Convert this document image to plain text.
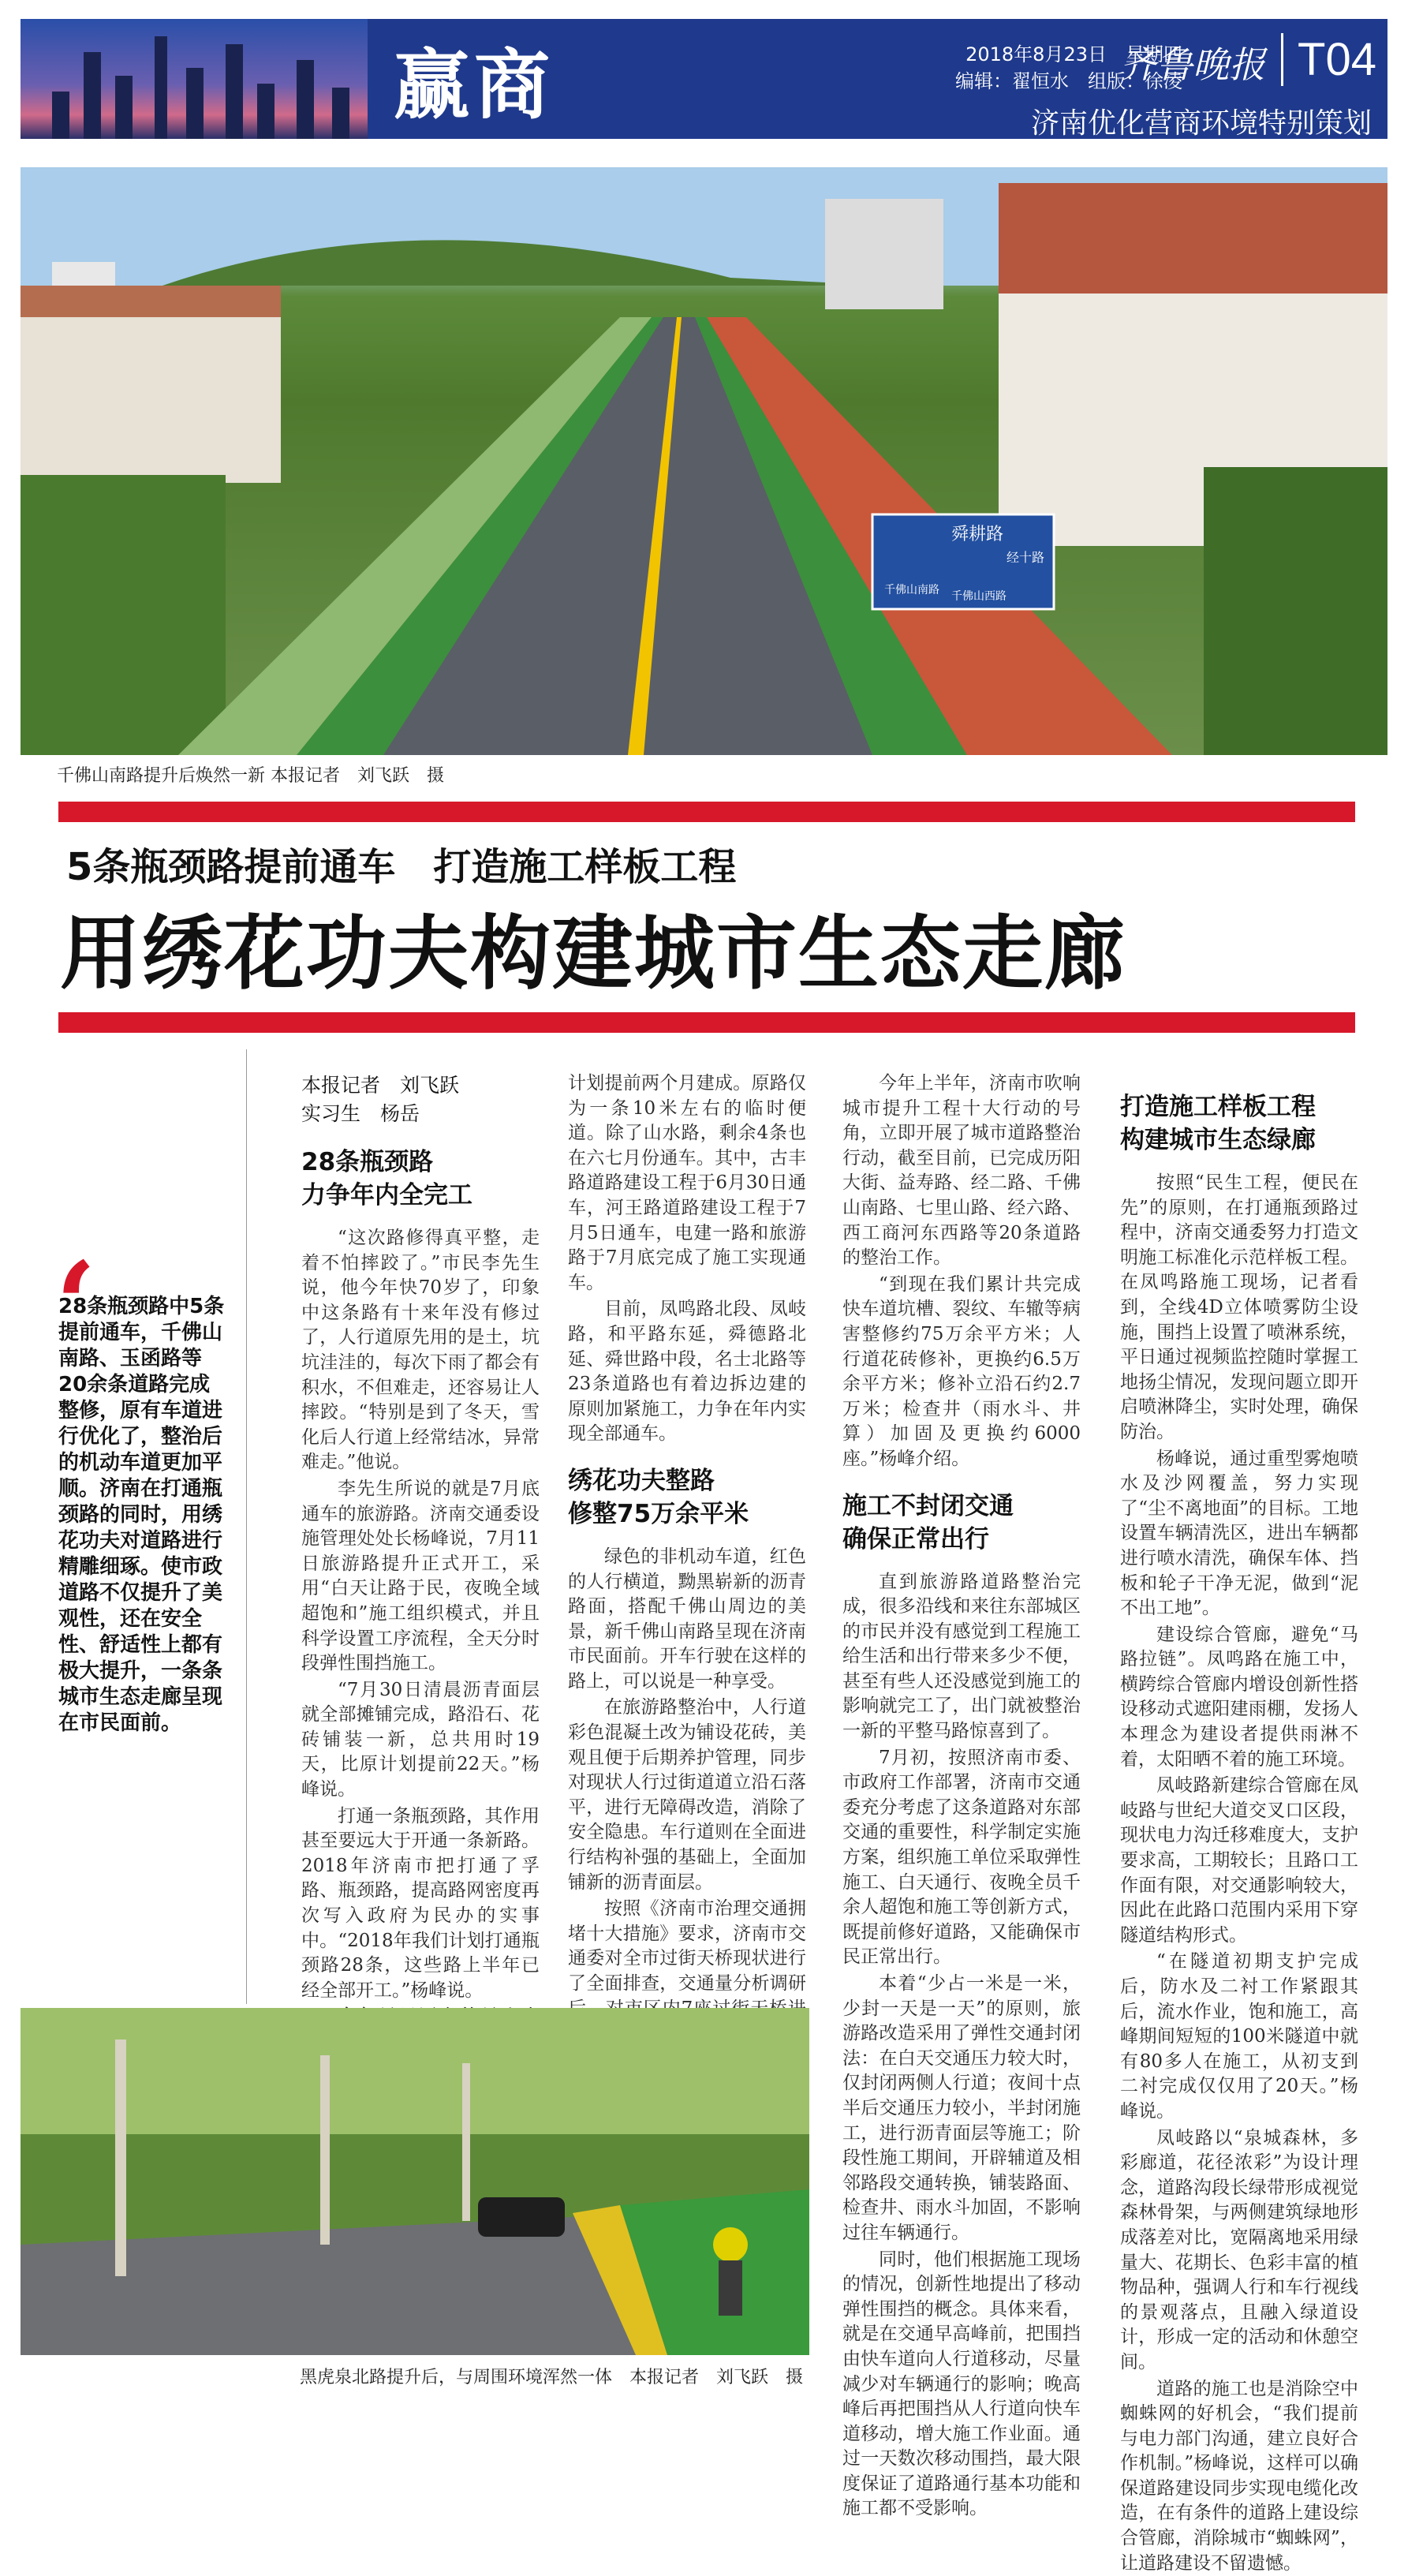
赢商	2018年8月23日　星期四
编辑：翟恒水　组版：徐凌
齐鲁晚报 T04
济南优化营商环境特别策划
舜耕路
千佛山南路
经十路
千佛山西路
千佛山南路提升后焕然一新 本报记者　刘飞跃　摄
5条瓶颈路提前通车　打造施工样板工程
用绣花功夫构建城市生态走廊
‘
28条瓶颈路中5条提前通车，千佛山南路、玉函路等20余条道路完成整修，原有车道进行优化了，整治后的机动车道更加平顺。济南在打通瓶颈路的同时，用绣花功夫对道路进行精雕细琢。使市政道路不仅提升了美观性，还在安全性、舒适性上都有极大提升，一条条城市生态走廊呈现在市民面前。
本报记者　刘飞跃
实习生　杨岳
28条瓶颈路
力争年内全完工

“这次路修得真平整，走着不怕摔跤了。”市民李先生说，他今年快70岁了，印象中这条路有十来年没有修过了，人行道原先用的是土，坑坑洼洼的，每次下雨了都会有积水，不但难走，还容易让人摔跤。“特别是到了冬天，雪化后人行道上经常结冰，异常难走。”他说。

李先生所说的就是7月底通车的旅游路。济南交通委设施管理处处长杨峰说，7月11日旅游路提升正式开工，采用“白天让路于民，夜晚全域超饱和”施工组织模式，并且科学设置工序流程，全天分时段弹性围挡施工。

“7月30日清晨沥青面层就全部摊铺完成，路沿石、花砖铺装一新，总共用时19天，比原计划提前22天。”杨峰说。

打通一条瓶颈路，其作用甚至要远大于开通一条新路。2018年济南市把打通了孚路、瓶颈路，提高路网密度再次写入政府为民办的实事中。“2018年我们计划打通瓶颈路28条，这些路上半年已经全部开工。”杨峰说。

计划提前两个月建成。原路仅为一条10米左右的临时便道。除了山水路，剩余4条也在六七月份通车。其中，古丰路道路建设工程于6月30日通车，河王路道路建设工程于7月5日通车，电建一路和旅游路于7月底完成了施工实现通车。

目前，凤鸣路北段、凤岐路，和平路东延，舜德路北延、舜世路中段，名士北路等23条道路也有着边拆边建的原则加紧施工，力争在年内实现全部通车。

绣花功夫整路
修整75万余平米

绿色的非机动车道，红色的人行横道，黝黑崭新的沥青路面，搭配千佛山周边的美景，新千佛山南路呈现在济南市民面前。开车行驶在这样的路上，可以说是一种享受。

在旅游路整治中，人行道彩色混凝土改为铺设花砖，美观且便于后期养护管理，同步对现状人行过街道道立沿石落平，进行无障碍改造，消除了安全隐患。车行道则在全面进行结构补强的基础上，全面加铺新的沥青面层。

按照《济南市治理交通拥堵十大措施》要求，济南市交通委对全市过街天桥现状进行了全面排查，交通量分析调研

今年上半年，济南市吹响城市提升工程十大行动的号角，立即开展了城市道路整治行动，截至目前，已完成历阳大街、益寿路、经二路、千佛山南路、七里山路、经六路、西工商河东西路等20条道路的整治工作。

“到现在我们累计共完成快车道坑槽、裂纹、车辙等病害整修约75万余平方米；人行道花砖修补，更换约6.5万余平方米；修补立沿石约2.7万米；检查井（雨水斗、井算）加固及更换约6000座。”杨峰介绍。

施工不封闭交通
确保正常出行

直到旅游路道路整治完成，很多沿线和来往东部城区的市民并没有感觉到工程施工给生活和出行带来多少不便，甚至有些人还没感觉到施工的影响就完工了，出门就被整治一新的平整马路惊喜到了。

7月初，按照济南市委、市政府工作部署，济南市交通委充分考虑了这条道路对东部交通的重要性，科学制定实施方案，组织施工单位采取弹性施工、白天通行、夜晚全员千余人超饱和施工等创新方式，既提前修好道路，又能确保市民正常出行。

本着“少占一米是一米，少封一天是一天”的原则，旅游路改造采用了弹性交通封闭法：在白天交通压力较大时，仅封闭两侧人行道；夜间十点半后交通压力较小，半封闭施工，进行沥青面层等施工；阶段性施工期间，开辟辅道及相邻路段交通转换，铺装路面、检查井、雨水斗加固，不影响过往车辆通行。

同时，他们根据施工现场的情况，创新性地提出了移动弹性围挡的概念。具体来看，就是在交通早高峰前，把围挡由快车道向人行道移动，尽量减少对车辆通行的影响；晚高峰后再把围挡从人行道向快车道移动，增大施工作业面。通过一天数次移动围挡，最大限度保证了道路通行基本功能和施工都不受影响。

打造施工样板工程
构建城市生态绿廊

按照“民生工程，便民在先”的原则，在打通瓶颈路过程中，济南交通委努力打造文明施工标准化示范样板工程。在凤鸣路施工现场，记者看到，全线4D立体喷雾防尘设施，围挡上设置了喷淋系统，平日通过视频监控随时掌握工地扬尘情况，发现问题立即开启喷淋降尘，实时处理，确保防治。

杨峰说，通过重型雾炮喷水及沙网覆盖，努力实现了“尘不离地面”的目标。工地设置车辆清洗区，进出车辆都进行喷水清洗，确保车体、挡板和轮子干净无泥，做到“泥不出工地”。

建设综合管廊，避免“马路拉链”。凤鸣路在施工中，横跨综合管廊内增设创新性搭设移动式遮阳建雨棚，发扬人本理念为建设者提供雨淋不着，太阳晒不着的施工环境。

凤岐路新建综合管廊在凤岐路与世纪大道交叉口区段，现状电力沟迁移难度大，支护要求高，工期较长；且路口工作面有限，对交通影响较大，因此在此路口范围内采用下穿隧道结构形式。

“在隧道初期支护完成后，防水及二衬工作紧跟其后，流水作业，饱和施工，高峰期间短短的100米隧道中就有80多人在施工，从初支到二衬完成仅仅用了20天。”杨峰说。

凤岐路以“泉城森林，多彩廊道，花径浓彩”为设计理念，道路沟段长绿带形成视觉森林骨架，与两侧建筑绿地形成落差对比，宽隔离地采用绿量大、花期长、色彩丰富的植物品种，强调人行和车行视线的景观落点，且融入绿道设计，形成一定的活动和休憩空间。

道路的施工也是消除空中蜘蛛网的好机会，“我们提前与电力部门沟通，建立良好合作机制。”杨峰说，这样可以确保道路建设同步实现电缆化改造，在有条件的道路上建设综合管廊，消除城市“蜘蛛网”，让道路建设不留遗憾。

黑虎泉北路提升后，与周围环境浑然一体　本报记者　刘飞跃　摄
